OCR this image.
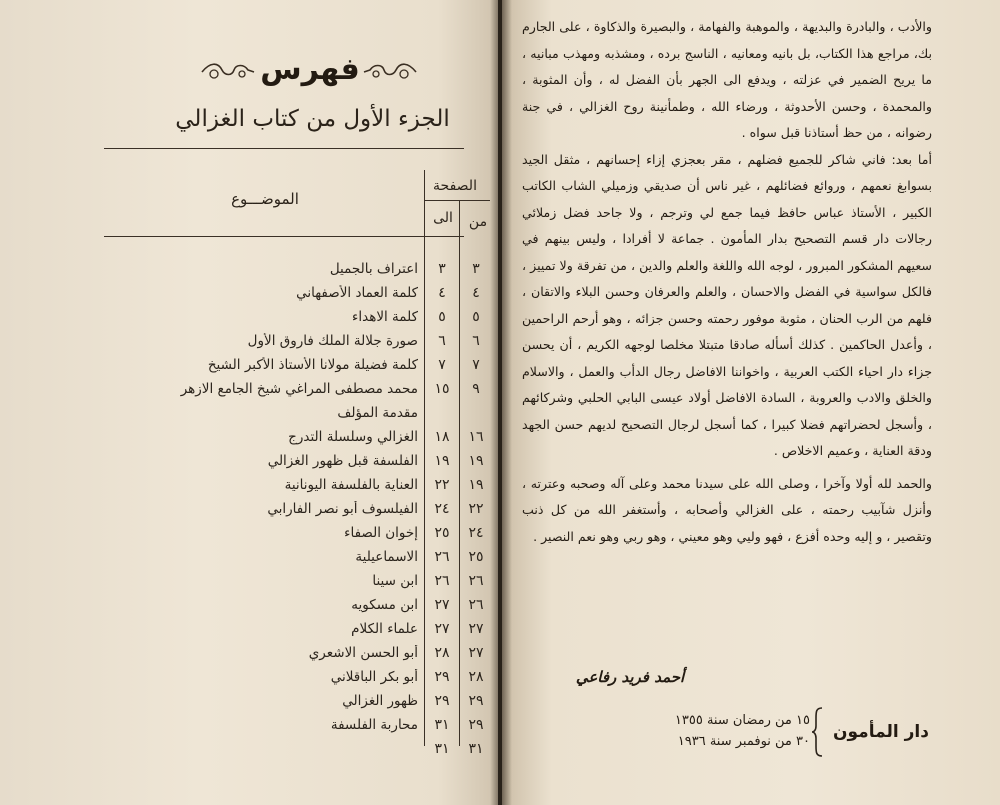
فهرس
الجزء الأول من كتاب الغزالي
الصفحة
من
الى
الموضـــوع
٣
٣
اعتراف بالجميل
٤
٤
كلمة العماد الأصفهاني
٥
٥
كلمة الاهداء
٦
٦
صورة جلالة الملك فاروق الأول
٧
٧
كلمة فضيلة مولانا الأستاذ الأكبر الشيخ
٩
١٥
محمد مصطفى المراغي شيخ الجامع الازهر
مقدمة المؤلف
١٦
١٨
الغزالي وسلسلة التدرج
١٩
١٩
الفلسفة قبل ظهور الغزالي
١٩
٢٢
العناية بالفلسفة اليونانية
٢٢
٢٤
الفيلسوف أبو نصر الفارابي
٢٤
٢٥
إخوان الصفاء
٢٥
٢٦
الاسماعيلية
٢٦
٢٦
ابن سينا
٢٦
٢٧
ابن مسكويه
٢٧
٢٧
علماء الكلام
٢٧
٢٨
أبو الحسن الاشعري
٢٨
٢٩
أبو بكر الباقلاني
٢٩
٢٩
ظهور الغزالي
٢٩
٣١
محاربة الفلسفة
٣١
٣١

والأدب ، والبادرة والبديهة ، والموهبة والفهامة ، والبصيرة والذكاوة ، على الجارم بك، مراجع هذا الكتاب، بل بانيه ومعانيه ، الناسج برده ، ومشذبه ومهذب مبانيه ، ما يريح الضمير في عزلته ، ويدفع الى الجهر بأن الفضل له ، وأن المثوبة ، والمحمدة ، وحسن الأحدوثة ، ورضاء الله ، وطمأنينة روح الغزالي ، في جنة رضوانه ، من حظ أستاذنا قبل سواه .

أما بعد: فاني شاكر للجميع فضلهم ، مقر بعجزي إزاء إحسانهم ، مثقل الجيد بسوابغ نعمهم ، وروائع فضائلهم ، غير ناس أن صديقي وزميلي الشاب الكاتب الكبير ، الأستاذ عباس حافظ فيما جمع لي وترجم ، ولا جاحد فضل زملائي رجالات دار قسم التصحيح بدار المأمون . جماعة لا أفرادا ، وليس بينهم في سعيهم المشكور المبرور ، لوجه الله واللغة والعلم والدين ، من تفرقة ولا تمييز ، فالكل سواسية في الفضل والاحسان ، والعلم والعرفان وحسن البلاء والاتقان ، فلهم من الرب الحنان ، مثوبة موفور رحمته وحسن جزائه ، وهو أرحم الراحمين ، وأعدل الحاكمين . كذلك أسأله صادقا متبتلا مخلصا لوجهه الكريم ، أن يحسن جزاء دار احياء الكتب العربية ، واخواننا الافاضل رجال الدأب والعمل ، والاسلام والخلق والادب والعروبة ، السادة الافاضل أولاد عيسى البابي الحلبي وشركائهم ، وأسجل لحضراتهم فضلا كبيرا ، كما أسجل لرجال التصحيح لديهم حسن الجهد ودقة العناية ، وعميم الاخلاص .

والحمد لله أولا وآخرا ، وصلى الله على سيدنا محمد وعلى آله وصحبه وعترته ، وأنزل شآبيب رحمته ، على الغزالي وأصحابه ، وأستغفر الله من كل ذنب وتقصير ، و إليه وحده أفزع ، فهو وليي وهو معيني ، وهو ربي وهو نعم النصير .

أحمد فريد رفاعي
١٥ من رمضان سنة ١٣٥٥
٣٠ من نوفمبر سنة ١٩٣٦	دار المأمون
